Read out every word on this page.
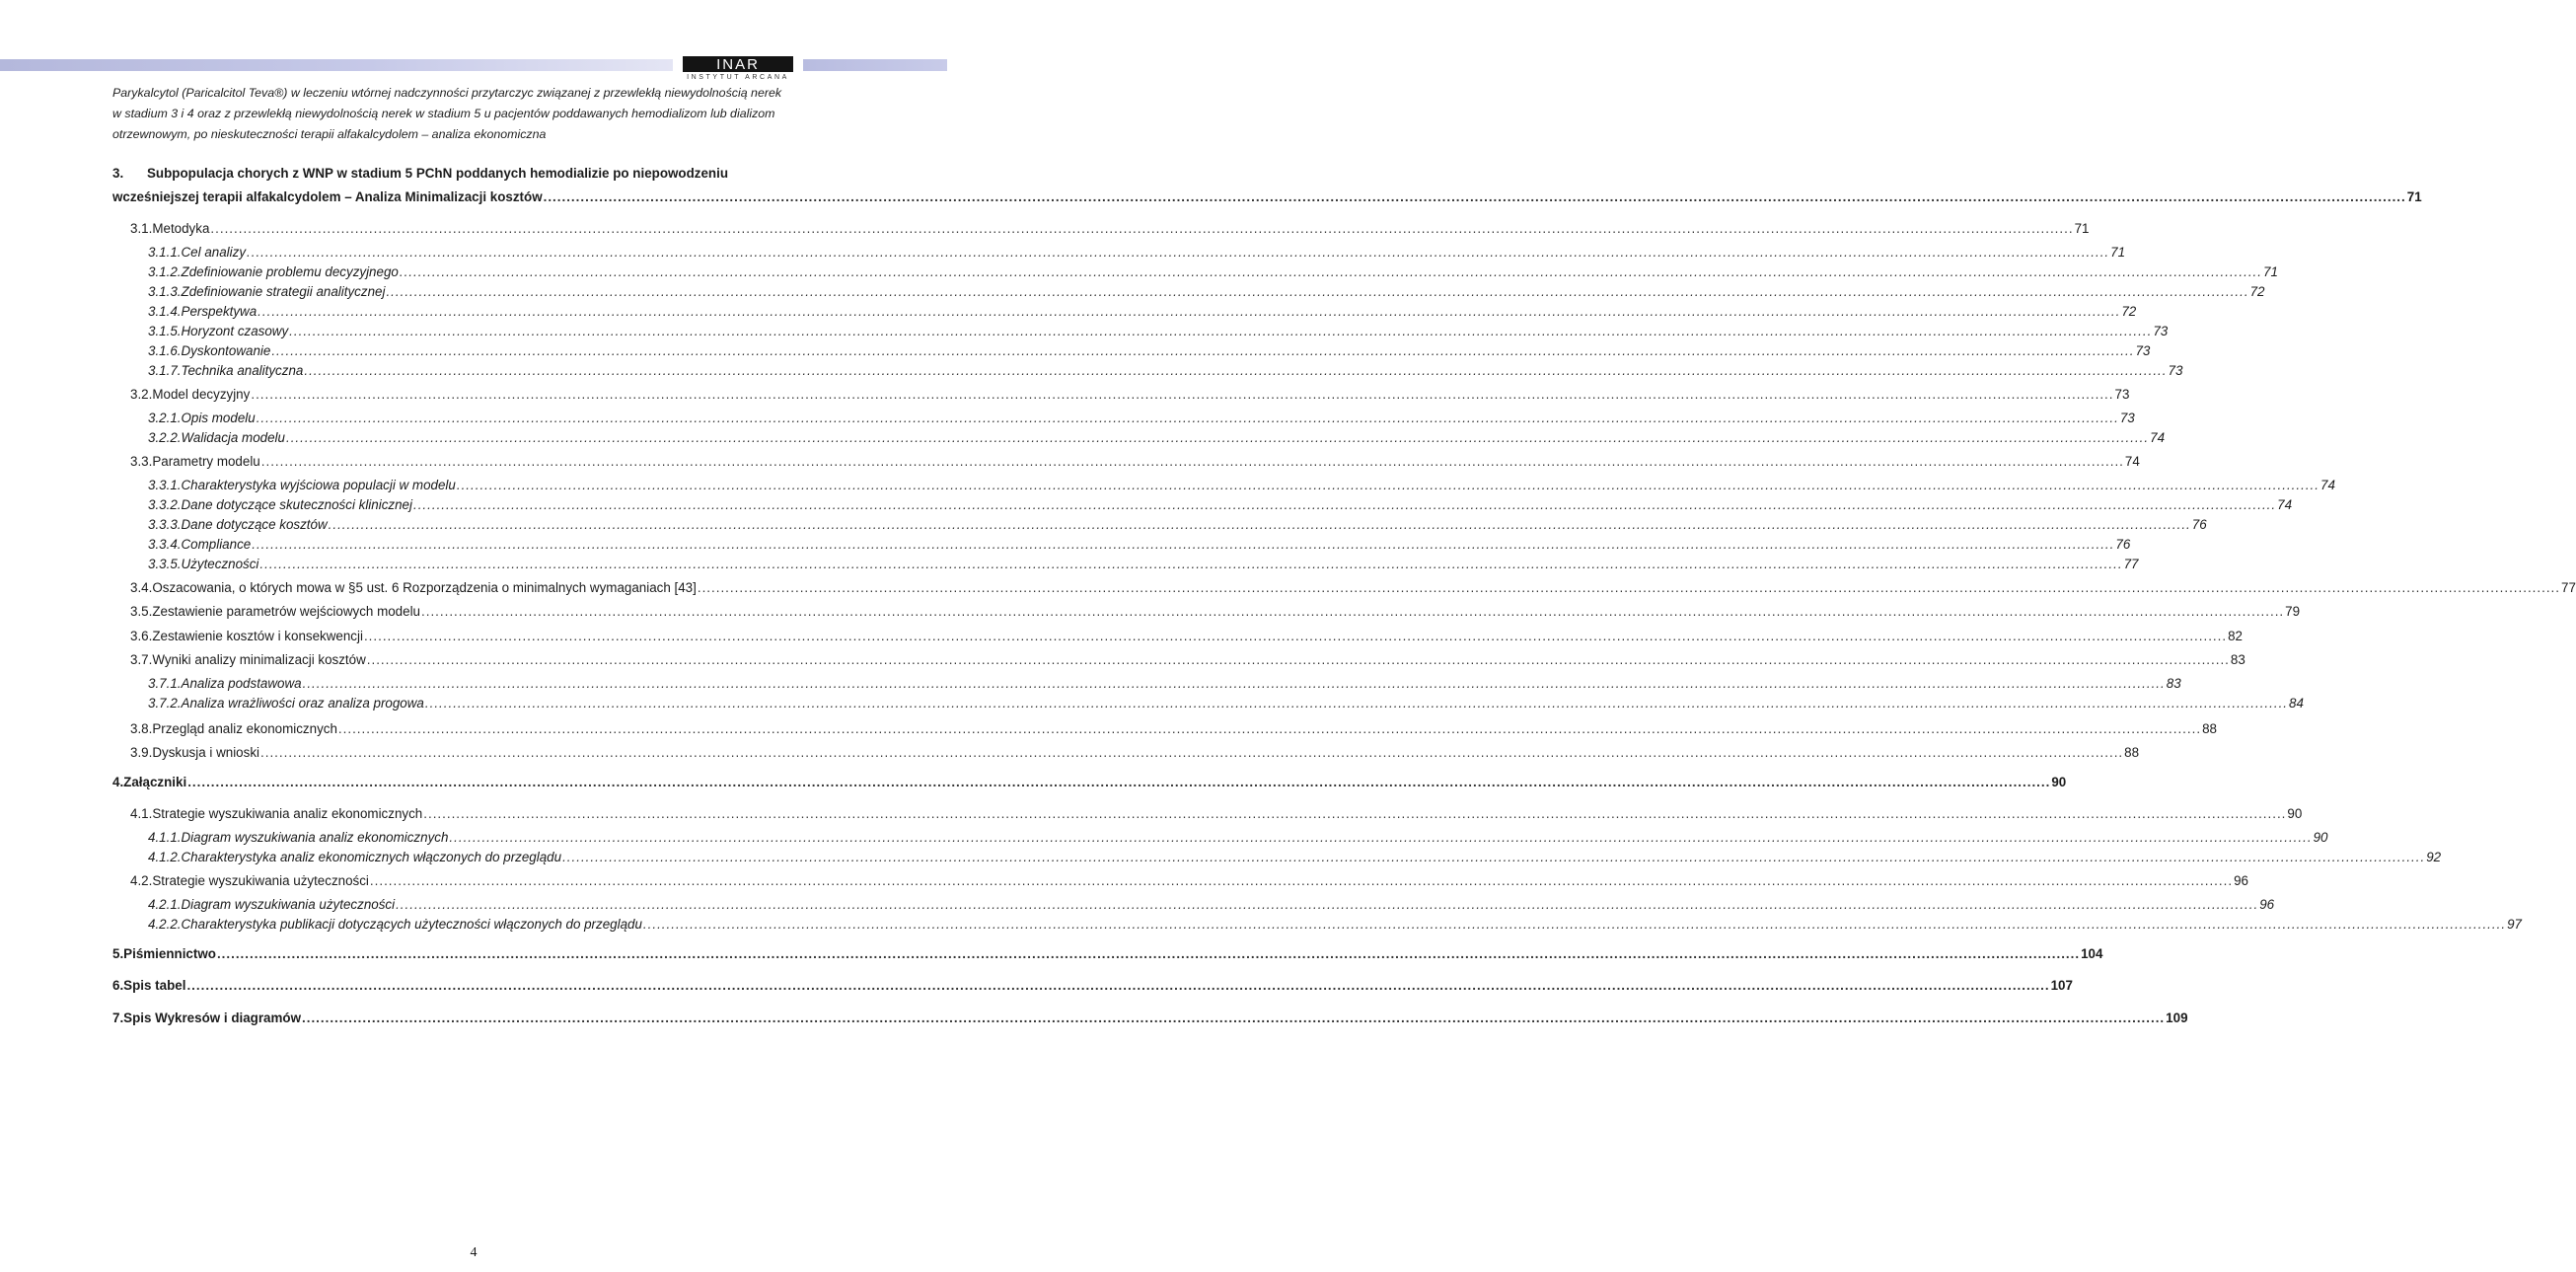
INAR
INSTYTUT ARCANA
Parykalcytol (Paricalcitol Teva®) w leczeniu wtórnej nadczynności przytarczyc związanej z przewlekłą niewydolnością nerek
w stadium 3 i 4 oraz z przewlekłą niewydolnością nerek w stadium 5 u pacjentów poddawanych hemodializom lub dializom
otrzewnowym, po nieskuteczności terapii alfakalcydolem – analiza ekonomiczna
3.	Subpopulacja chorych z WNP w stadium 5 PChN poddanych hemodializie po niepowodzeniu
wcześniejszej terapii alfakalcydolem – Analiza Minimalizacji kosztów ................................................................................................................................................................................................................................................................................................................................................................................................................ 71
3.1. Metodyka ................................................................................................................................................................................................................................................................................................................................................................................................................ 71
3.1.1. Cel analizy ................................................................................................................................................................................................................................................................................................................................................................................................................ 71
3.1.2. Zdefiniowanie problemu decyzyjnego ................................................................................................................................................................................................................................................................................................................................................................................................................ 71
3.1.3. Zdefiniowanie strategii analitycznej ................................................................................................................................................................................................................................................................................................................................................................................................................ 72
3.1.4. Perspektywa ................................................................................................................................................................................................................................................................................................................................................................................................................ 72
3.1.5. Horyzont czasowy ................................................................................................................................................................................................................................................................................................................................................................................................................ 73
3.1.6. Dyskontowanie ................................................................................................................................................................................................................................................................................................................................................................................................................ 73
3.1.7. Technika analityczna ................................................................................................................................................................................................................................................................................................................................................................................................................ 73
3.2. Model decyzyjny ................................................................................................................................................................................................................................................................................................................................................................................................................ 73
3.2.1. Opis modelu ................................................................................................................................................................................................................................................................................................................................................................................................................ 73
3.2.2. Walidacja modelu ................................................................................................................................................................................................................................................................................................................................................................................................................ 74
3.3. Parametry modelu ................................................................................................................................................................................................................................................................................................................................................................................................................ 74
3.3.1. Charakterystyka wyjściowa populacji w modelu ................................................................................................................................................................................................................................................................................................................................................................................................................ 74
3.3.2. Dane dotyczące skuteczności klinicznej ................................................................................................................................................................................................................................................................................................................................................................................................................ 74
3.3.3. Dane dotyczące kosztów ................................................................................................................................................................................................................................................................................................................................................................................................................ 76
3.3.4. Compliance ................................................................................................................................................................................................................................................................................................................................................................................................................ 76
3.3.5. Użyteczności ................................................................................................................................................................................................................................................................................................................................................................................................................ 77
3.4. Oszacowania, o których mowa w §5 ust. 6 Rozporządzenia o minimalnych wymaganiach [43] ................................................................................................................................................................................................................................................................................................................................................................................................................ 77
3.5. Zestawienie parametrów wejściowych modelu ................................................................................................................................................................................................................................................................................................................................................................................................................ 79
3.6. Zestawienie kosztów i konsekwencji ................................................................................................................................................................................................................................................................................................................................................................................................................ 82
3.7. Wyniki analizy minimalizacji kosztów ................................................................................................................................................................................................................................................................................................................................................................................................................ 83
3.7.1. Analiza podstawowa ................................................................................................................................................................................................................................................................................................................................................................................................................ 83
3.7.2. Analiza wrażliwości oraz analiza progowa ................................................................................................................................................................................................................................................................................................................................................................................................................ 84
3.8. Przegląd analiz ekonomicznych ................................................................................................................................................................................................................................................................................................................................................................................................................ 88
3.9. Dyskusja i wnioski ................................................................................................................................................................................................................................................................................................................................................................................................................ 88
4. Załączniki ................................................................................................................................................................................................................................................................................................................................................................................................................ 90
4.1. Strategie wyszukiwania analiz ekonomicznych ................................................................................................................................................................................................................................................................................................................................................................................................................ 90
4.1.1. Diagram wyszukiwania analiz ekonomicznych ................................................................................................................................................................................................................................................................................................................................................................................................................ 90
4.1.2. Charakterystyka analiz ekonomicznych włączonych do przeglądu ................................................................................................................................................................................................................................................................................................................................................................................................................ 92
4.2. Strategie wyszukiwania użyteczności ................................................................................................................................................................................................................................................................................................................................................................................................................ 96
4.2.1. Diagram wyszukiwania użyteczności ................................................................................................................................................................................................................................................................................................................................................................................................................ 96
4.2.2. Charakterystyka publikacji dotyczących użyteczności włączonych do przeglądu ................................................................................................................................................................................................................................................................................................................................................................................................................ 97
5. Piśmiennictwo ................................................................................................................................................................................................................................................................................................................................................................................................................ 104
6. Spis tabel ................................................................................................................................................................................................................................................................................................................................................................................................................ 107
7. Spis Wykresów i diagramów ................................................................................................................................................................................................................................................................................................................................................................................................................ 109
4
